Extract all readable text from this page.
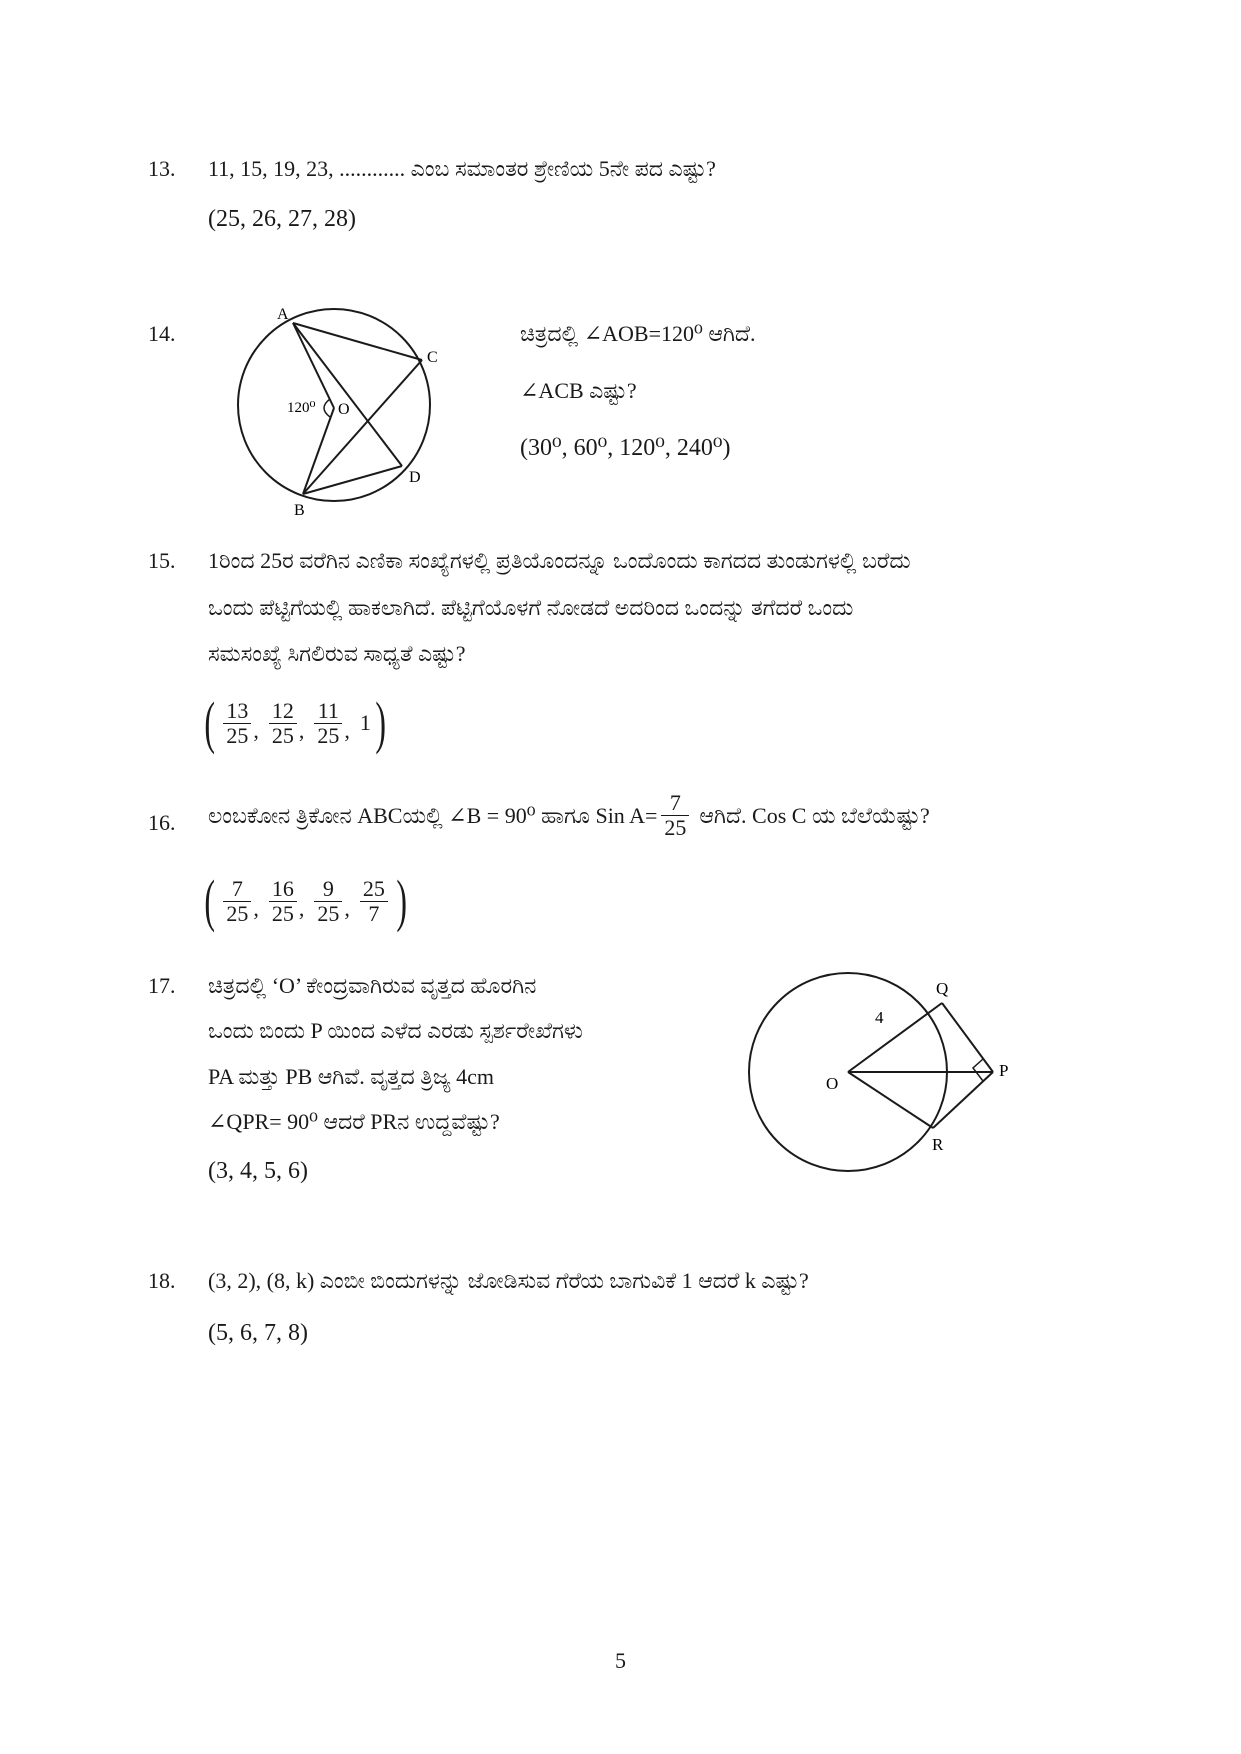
13. 11, 15, 19, 23, ............ ಎಂಬ ಸಮಾಂತರ ಶ್ರೇಣಿಯ 5ನೇ ಪದ ಎಷ್ಟು?
(25, 26, 27, 28)
14.
A
C
O
120⁰
D
B
ಚಿತ್ರದಲ್ಲಿ ∠AOB=120⁰ ಆಗಿದೆ.
∠ACB ಎಷ್ಟು?
(30⁰, 60⁰, 120⁰, 240⁰)
15. 1ರಿಂದ 25ರ ವರೆಗಿನ ಎಣಿಕಾ ಸಂಖ್ಯೆಗಳಲ್ಲಿ ಪ್ರತಿಯೊಂದನ್ನೂ ಒಂದೊಂದು ಕಾಗದದ ತುಂಡುಗಳಲ್ಲಿ ಬರೆದು
ಒಂದು ಪೆಟ್ಟಿಗೆಯಲ್ಲಿ ಹಾಕಲಾಗಿದೆ. ಪೆಟ್ಟಿಗೆಯೊಳಗೆ ನೋಡದೆ ಅದರಿಂದ ಒಂದನ್ನು ತಗೆದರೆ ಒಂದು
ಸಮಸಂಖ್ಯೆ ಸಿಗಲಿರುವ ಸಾಧ್ಯತೆ ಎಷ್ಟು?
( $\frac{13}{25}$ , $\frac{12}{25}$ , $\frac{11}{25}$ , 1 )
16. ಲಂಬಕೋನ ತ್ರಿಕೋನ ABCಯಲ್ಲಿ ∠B = 90⁰ ಹಾಗೂ Sin $A= \frac{7}{25}$ ಆಗಿದೆ. Cos C ಯ ಬೆಲೆಯೆಷ್ಟು?
( $\frac{7}{25}$ , $\frac{16}{25}$ , $\frac{9}{25}$ , $\frac{25}{7}$ )
17. ಚಿತ್ರದಲ್ಲಿ ‘O’ ಕೇಂದ್ರವಾಗಿರುವ ವೃತ್ತದ ಹೊರಗಿನ
ಒಂದು ಬಿಂದು P ಯಿಂದ ಎಳೆದ ಎರಡು ಸ್ಪರ್ಶರೇಖೆಗಳು
PA ಮತ್ತು PB ಆಗಿವೆ. ವೃತ್ತದ ತ್ರಿಜ್ಯ 4cm
∠QPR= 90⁰ ಆದರೆ PRನ ಉದ್ದವೆಷ್ಟು?
(3, 4, 5, 6)
Q
4
P
O
R
18. (3, 2), (8, k) ಎಂಬೀ ಬಿಂದುಗಳನ್ನು ಜೋಡಿಸುವ ಗೆರೆಯ ಬಾಗುವಿಕೆ 1 ಆದರೆ k ಎಷ್ಟು?
(5, 6, 7, 8)
5
